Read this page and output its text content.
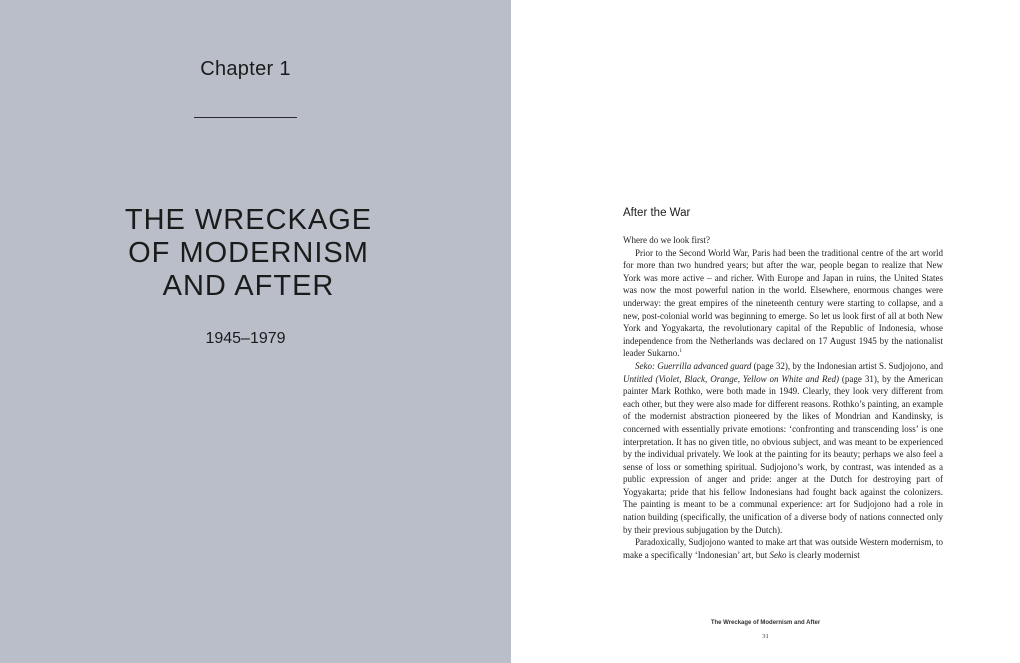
Chapter 1
THE WRECKAGE
OF MODERNISM
AND AFTER
1945–1979
After the War

Where do we look first?

Prior to the Second World War, Paris had been the traditional centre of the art world for more than two hundred years; but after the war, people began to realize that New York was more active – and richer. With Europe and Japan in ruins, the United States was now the most powerful nation in the world. Elsewhere, enormous changes were underway: the great empires of the nineteenth century were starting to collapse, and a new, post-colonial world was beginning to emerge. So let us look first of all at both New York and Yogyakarta, the revolutionary capital of the Republic of Indonesia, whose independence from the Netherlands was declared on 17 August 1945 by the nationalist leader Sukarno.$^1$

Seko: Guerrilla advanced guard (page 32), by the Indonesian artist S. Sudjojono, and Untitled (Violet, Black, Orange, Yellow on White and Red) (page 31), by the American painter Mark Rothko, were both made in 1949. Clearly, they look very different from each other, but they were also made for different reasons. Rothko’s painting, an example of the modernist abstraction pioneered by the likes of Mondrian and Kandinsky, is concerned with essentially private emotions: ‘confronting and transcending loss’ is one interpretation. It has no given title, no obvious subject, and was meant to be experienced by the individual privately. We look at the painting for its beauty; perhaps we also feel a sense of loss or something spiritual. Sudjojono’s work, by contrast, was intended as a public expression of anger and pride: anger at the Dutch for destroying part of Yogyakarta; pride that his fellow Indonesians had fought back against the colonizers. The painting is meant to be a communal experience: art for Sudjojono had a role in nation building (specifically, the unification of a diverse body of nations connected only by their previous subjugation by the Dutch).

Paradoxically, Sudjojono wanted to make art that was outside Western modernism, to make a specifically ‘Indonesian’ art, but Seko is clearly modernist

The Wreckage of Modernism and After
31
